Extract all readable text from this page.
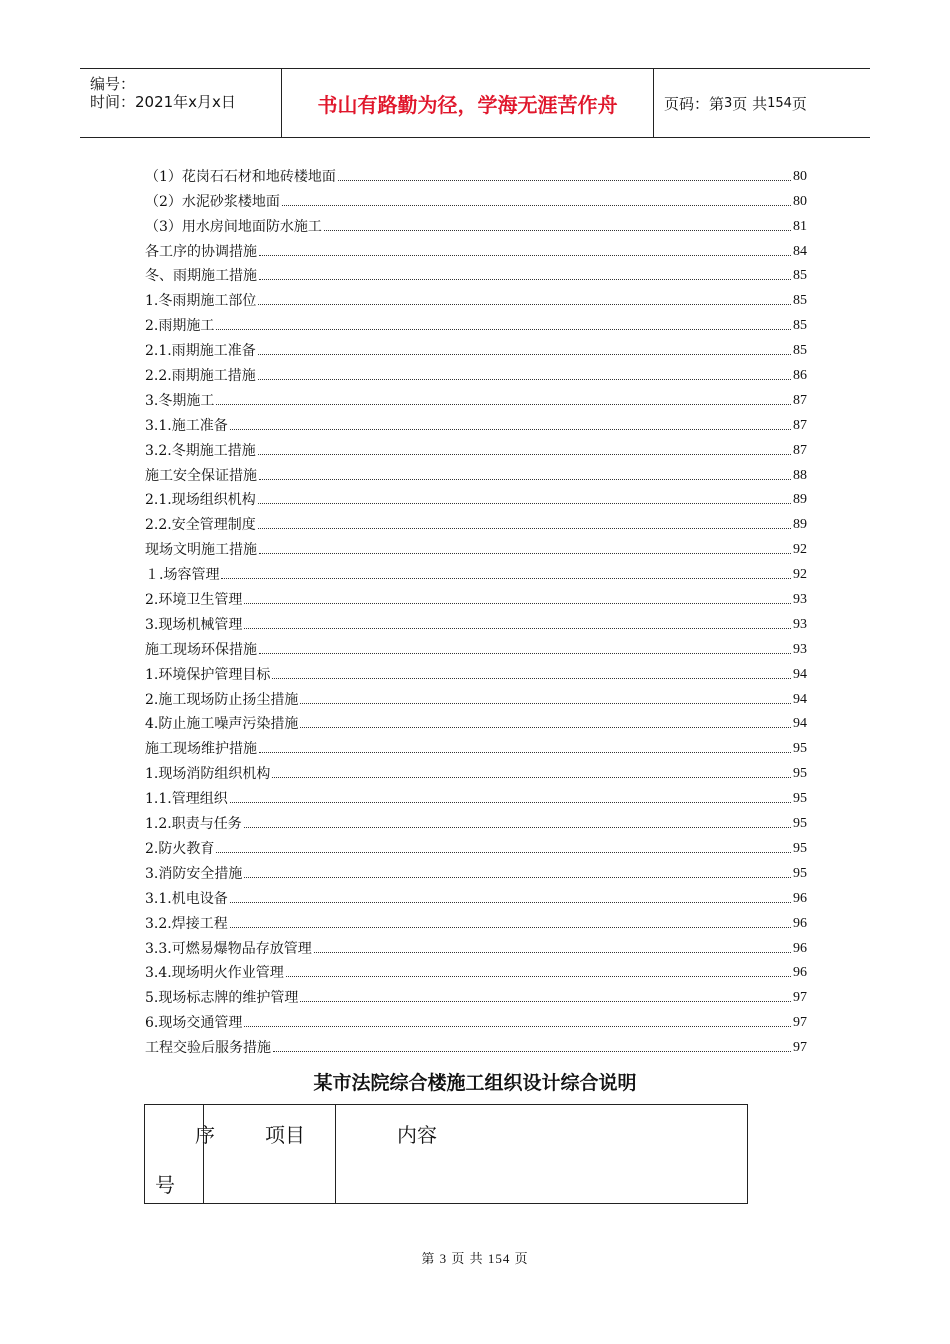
编号：
时间：2021年x月x日	书山有路勤为径，学海无涯苦作舟	页码：第 3 页 共 154 页
（1）花岗石石材和地砖楼地面	80
（2）水泥砂浆楼地面	80
（3）用水房间地面防水施工	81
各工序的协调措施	84
冬、雨期施工措施	85
1.冬雨期施工部位	85
2.雨期施工	85
2.1.雨期施工准备	85
2.2.雨期施工措施	86
3.冬期施工	87
3.1.施工准备	87
3.2.冬期施工措施	87
施工安全保证措施	88
2.1.现场组织机构	89
2.2.安全管理制度	89
现场文明施工措施	92
１.场容管理	92
2.环境卫生管理	93
3.现场机械管理	93
施工现场环保措施	93
1.环境保护管理目标	94
2.施工现场防止扬尘措施	94
4.防止施工噪声污染措施	94
施工现场维护措施	95
1.现场消防组织机构	95
1.1.管理组织	95
1.2.职责与任务	95
2.防火教育	95
3.消防安全措施	95
3.1.机电设备	96
3.2.焊接工程	96
3.3.可燃易爆物品存放管理	96
3.4.现场明火作业管理	96
5.现场标志牌的维护管理	97
6.现场交通管理	97
工程交验后服务措施	97
某市法院综合楼施工组织设计综合说明
序
号
项目	内容
第 3 页 共 154 页
